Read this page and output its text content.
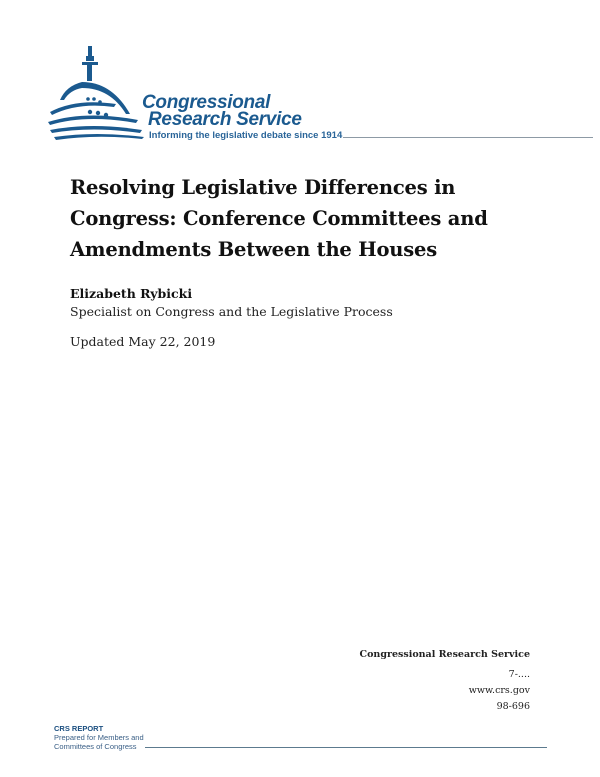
Congressional
Research Service
Informing the legislative debate since 1914
Resolving Legislative Differences in Congress: Conference Committees and Amendments Between the Houses
Elizabeth Rybicki
Specialist on Congress and the Legislative Process
Updated May 22, 2019
Congressional Research Service
7-....
www.crs.gov
98-696
CRS REPORT
Prepared for Members and
Committees of Congress
